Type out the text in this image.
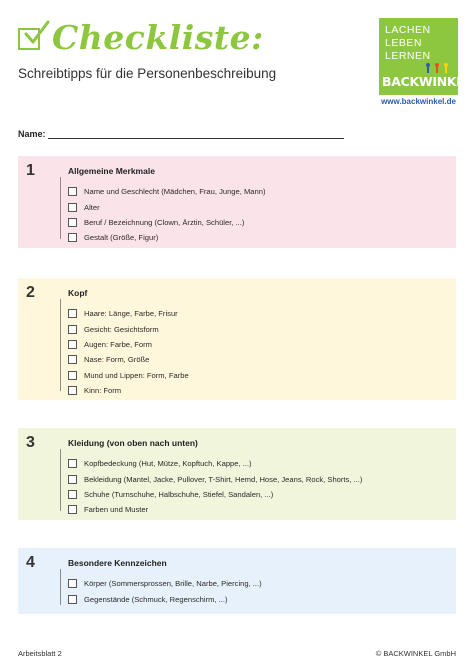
Checkliste:
Schreibtipps für die Personenbeschreibung
LACHEN
LEBEN
LERNEN
BACKWINKEL
www.backwinkel.de
Name:
1	Allgemeine Merkmale
Name und Geschlecht (Mädchen, Frau, Junge, Mann)
Alter
Beruf / Bezeichnung (Clown, Ärztin, Schüler, ...)
Gestalt (Größe, Figur)
2	Kopf
Haare: Länge, Farbe, Frisur
Gesicht: Gesichtsform
Augen: Farbe, Form
Nase: Form, Größe
Mund und Lippen: Form, Farbe
Kinn: Form
3	Kleidung (von oben nach unten)
Kopfbedeckung (Hut, Mütze, Kopftuch, Kappe, ...)
Bekleidung (Mantel, Jacke, Pullover, T-Shirt, Hemd, Hose, Jeans, Rock, Shorts, ...)
Schuhe (Turnschuhe, Halbschuhe, Stiefel, Sandalen, ...)
Farben und Muster
4	Besondere Kennzeichen
Körper (Sommersprossen, Brille, Narbe, Piercing, ...)
Gegenstände (Schmuck, Regenschirm, ...)
Arbeitsblatt 2	© BACKWINKEL GmbH
